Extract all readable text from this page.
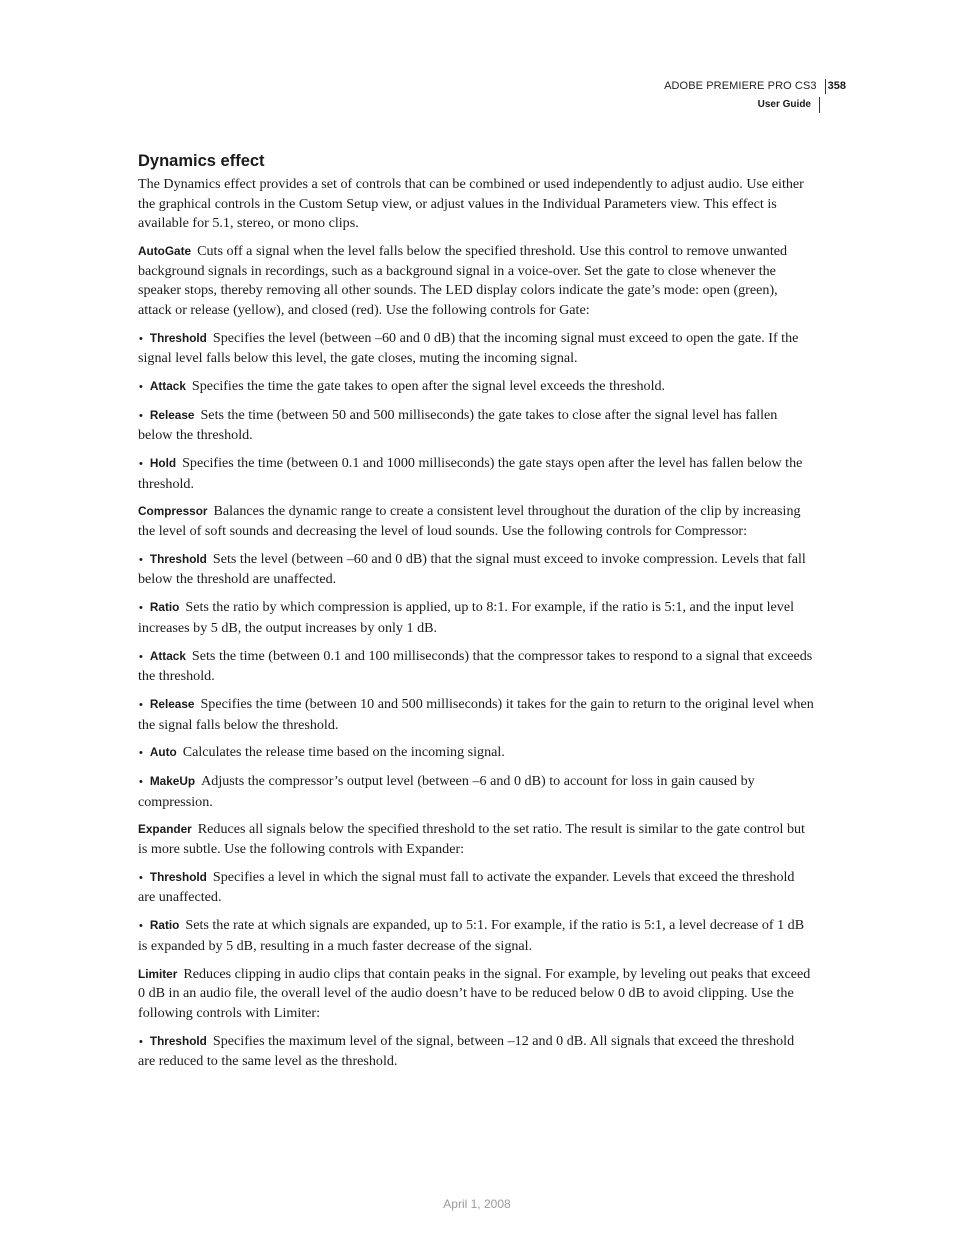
ADOBE PREMIERE PRO CS3 358
User Guide
Dynamics effect

The Dynamics effect provides a set of controls that can be combined or used independently to adjust audio. Use either the graphical controls in the Custom Setup view, or adjust values in the Individual Parameters view. This effect is available for 5.1, stereo, or mono clips.

AutoGate Cuts off a signal when the level falls below the specified threshold. Use this control to remove unwanted background signals in recordings, such as a background signal in a voice-over. Set the gate to close whenever the speaker stops, thereby removing all other sounds. The LED display colors indicate the gate’s mode: open (green), attack or release (yellow), and closed (red). Use the following controls for Gate:

• Threshold Specifies the level (between –60 and 0 dB) that the incoming signal must exceed to open the gate. If the signal level falls below this level, the gate closes, muting the incoming signal.

• Attack Specifies the time the gate takes to open after the signal level exceeds the threshold.

• Release Sets the time (between 50 and 500 milliseconds) the gate takes to close after the signal level has fallen below the threshold.

• Hold Specifies the time (between 0.1 and 1000 milliseconds) the gate stays open after the level has fallen below the threshold.

Compressor Balances the dynamic range to create a consistent level throughout the duration of the clip by increasing the level of soft sounds and decreasing the level of loud sounds. Use the following controls for Compressor:

• Threshold Sets the level (between –60 and 0 dB) that the signal must exceed to invoke compression. Levels that fall below the threshold are unaffected.

• Ratio Sets the ratio by which compression is applied, up to 8:1. For example, if the ratio is 5:1, and the input level increases by 5 dB, the output increases by only 1 dB.

• Attack Sets the time (between 0.1 and 100 milliseconds) that the compressor takes to respond to a signal that exceeds the threshold.

• Release Specifies the time (between 10 and 500 milliseconds) it takes for the gain to return to the original level when the signal falls below the threshold.

• Auto Calculates the release time based on the incoming signal.

• MakeUp Adjusts the compressor’s output level (between –6 and 0 dB) to account for loss in gain caused by compression.

Expander Reduces all signals below the specified threshold to the set ratio. The result is similar to the gate control but is more subtle. Use the following controls with Expander:

• Threshold Specifies a level in which the signal must fall to activate the expander. Levels that exceed the threshold are unaffected.

• Ratio Sets the rate at which signals are expanded, up to 5:1. For example, if the ratio is 5:1, a level decrease of 1 dB is expanded by 5 dB, resulting in a much faster decrease of the signal.

Limiter Reduces clipping in audio clips that contain peaks in the signal. For example, by leveling out peaks that exceed 0 dB in an audio file, the overall level of the audio doesn’t have to be reduced below 0 dB to avoid clipping. Use the following controls with Limiter:

• Threshold Specifies the maximum level of the signal, between –12 and 0 dB. All signals that exceed the threshold are reduced to the same level as the threshold.

April 1, 2008
